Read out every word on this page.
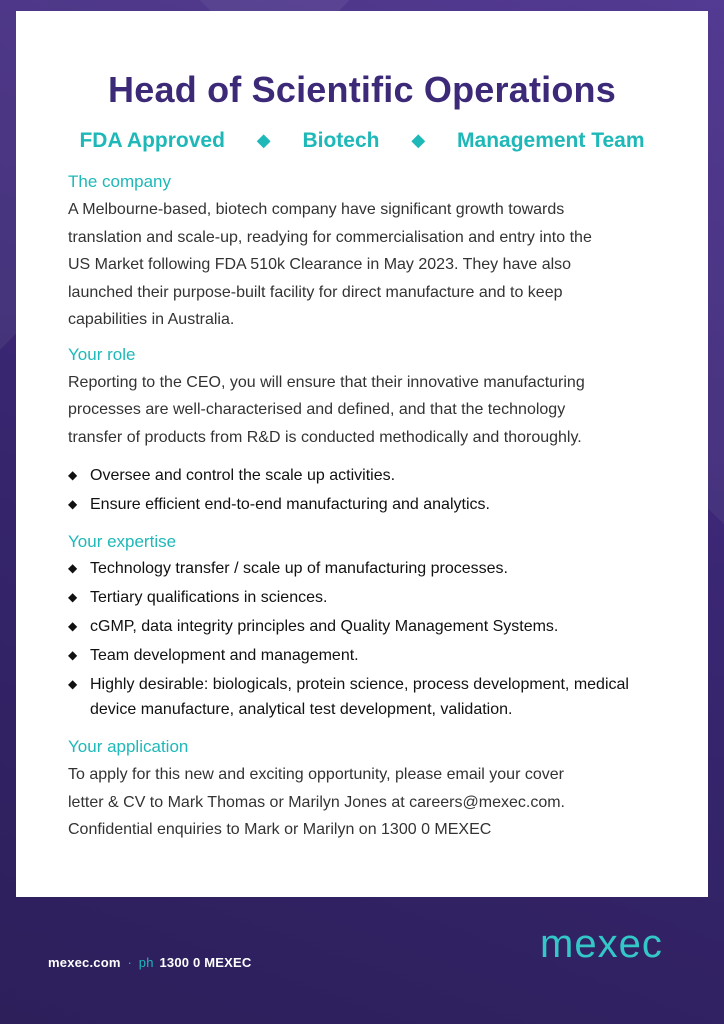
Head of Scientific Operations
FDA Approved ◆ Biotech ◆ Management Team
The company
A Melbourne-based, biotech company have significant growth towards
translation and scale-up, readying for commercialisation and entry into the
US Market following FDA 510k Clearance in May 2023. They have also
launched their purpose-built facility for direct manufacture and to keep
capabilities in Australia.
Your role
Reporting to the CEO, you will ensure that their innovative manufacturing
processes are well-characterised and defined, and that the technology
transfer of products from R&D is conducted methodically and thoroughly.
◆ Oversee and control the scale up activities.
◆ Ensure efficient end-to-end manufacturing and analytics.
Your expertise
◆ Technology transfer / scale up of manufacturing processes.
◆ Tertiary qualifications in sciences.
◆ cGMP, data integrity principles and Quality Management Systems.
◆ Team development and management.
◆ Highly desirable: biologicals, protein science, process development, medical device manufacture, analytical test development, validation.
Your application
To apply for this new and exciting opportunity, please email your cover
letter & CV to Mark Thomas or Marilyn Jones at careers@mexec.com.
Confidential enquiries to Mark or Marilyn on 1300 0 MEXEC
mexec.com · ph 1300 0 MEXEC	mexec
